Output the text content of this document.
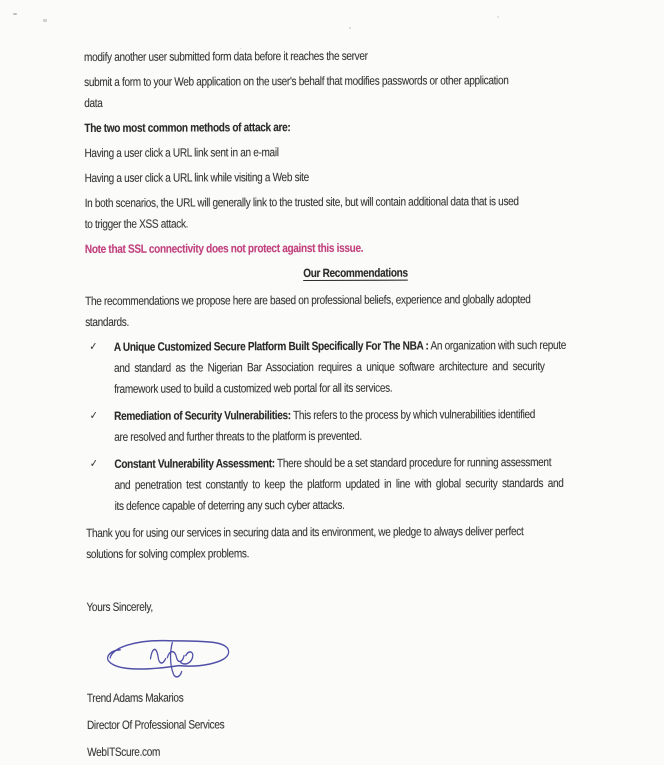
modify another user submitted form data before it reaches the server
submit a form to your Web application on the user's behalf that modifies passwords or other application
data
The two most common methods of attack are:
Having a user click a URL link sent in an e-mail
Having a user click a URL link while visiting a Web site
In both scenarios, the URL will generally link to the trusted site, but will contain additional data that is used
to trigger the XSS attack.
Note that SSL connectivity does not protect against this issue.
Our Recommendations
The recommendations we propose here are based on professional beliefs, experience and globally adopted
standards.
✓	A Unique Customized Secure Platform Built Specifically For The NBA : An organization with such repute
and standard as the Nigerian Bar Association requires a unique software architecture and security
framework used to build a customized web portal for all its services.
✓	Remediation of Security Vulnerabilities: This refers to the process by which vulnerabilities identified
are resolved and further threats to the platform is prevented.
✓	Constant Vulnerability Assessment: There should be a set standard procedure for running assessment
and penetration test constantly to keep the platform updated in line with global security standards and
its defence capable of deterring any such cyber attacks.
Thank you for using our services in securing data and its environment, we pledge to always deliver perfect
solutions for solving complex problems.
Yours Sincerely,
Trend Adams Makarios
Director Of Professional Services
WebITScure.com
